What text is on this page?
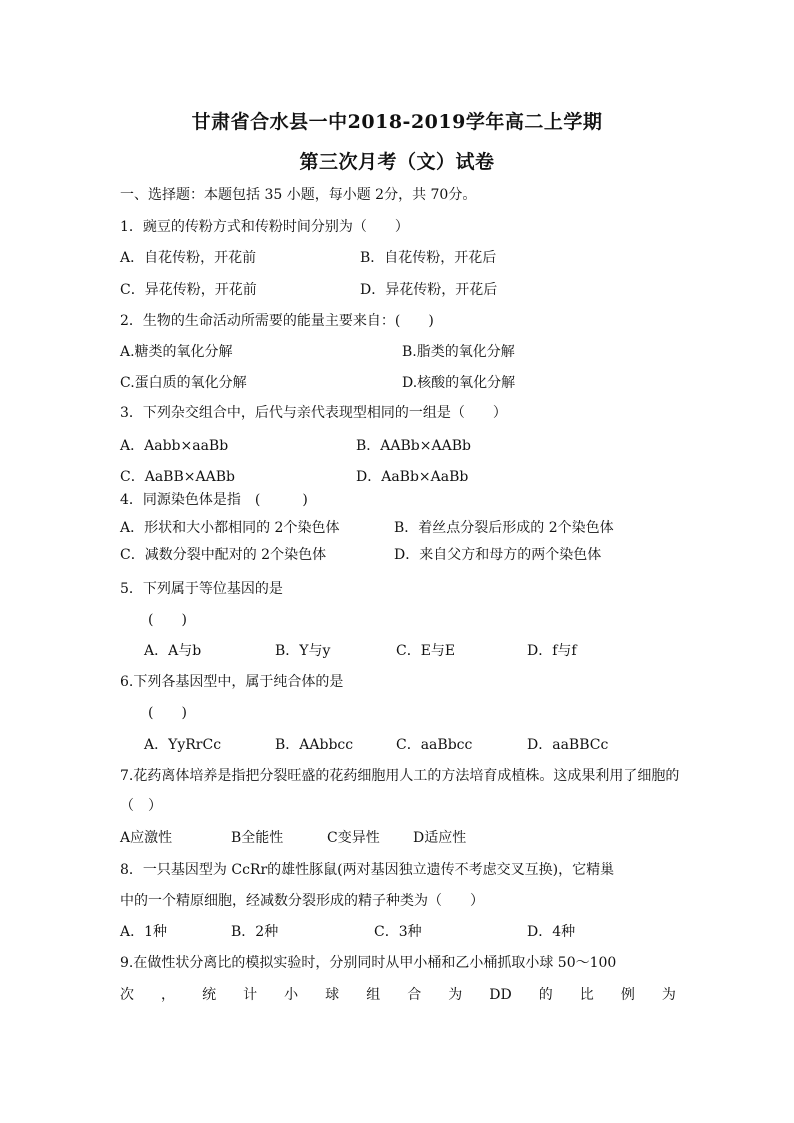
甘肃省合水县一中2018-2019学年高二上学期
第三次月考（文）试卷
一、选择题：本题包括 35 小题，每小题 2分，共 70分。
1．豌豆的传粉方式和传粉时间分别为（　　）
A．自花传粉，开花前	B．自花传粉，开花后
C．异花传粉，开花前	D．异花传粉，开花后
2．生物的生命活动所需要的能量主要来自：(　　)
A.糖类的氧化分解	B.脂类的氧化分解
C.蛋白质的氧化分解	D.核酸的氧化分解
3．下列杂交组合中，后代与亲代表现型相同的一组是（　　）
A．Aabb×aaBb	B．AABb×AABb
C．AaBB×AABb	D．AaBb×AaBb
4．同源染色体是指　(　　　)
A．形状和大小都相同的 2个染色体	B．着丝点分裂后形成的 2个染色体
C．减数分裂中配对的 2个染色体	D．来自父方和母方的两个染色体
5．下列属于等位基因的是
(　　)
A．A与b	B．Y与y	C．E与E	D．f与f
6.下列各基因型中，属于纯合体的是
(　　)
A．YyRrCc	B．AAbbcc	C．aaBbcc	D．aaBBCc
7.花药离体培养是指把分裂旺盛的花药细胞用人工的方法培育成植株。这成果利用了细胞的
（　）
A应激性	B全能性	C变异性 D适应性
8．一只基因型为 CcRr的雄性豚鼠(两对基因独立遗传不考虑交叉互换)，它精巢
中的一个精原细胞，经减数分裂形成的精子种类为（　　）
A．1种	B．2种	C．3种	D．4种
9.在做性状分离比的模拟实验时，分别同时从甲小桶和乙小桶抓取小球 50～100
次 ， 统 计 小 球 组 合 为 DD 的 比 例 为
